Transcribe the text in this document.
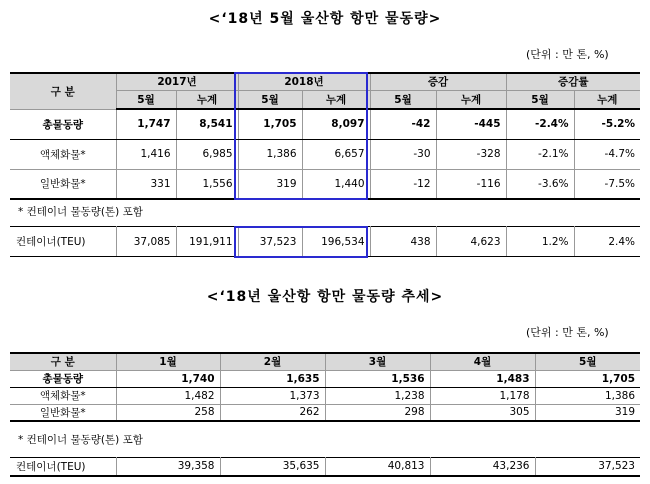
<‘18년 5월 울산항 항만 물동량>
(단위 : 만 톤, %)
구 분	2017년		2018년		증감		증감률	
	5월	누계	5월	누계	5월	누계	5월	누계
총물동량	1,747	8,541	1,705	8,097	-42	-445	-2.4%	-5.2%
액체화물*	1,416	6,985	1,386	6,657	-30	-328	-2.1%	-4.7%
일반화물*	331	1,556	319	1,440	-12	-116	-3.6%	-7.5%
* 컨테이너 물동량(톤) 포함
컨테이너(TEU)	37,085	191,911	37,523	196,534	438	4,623	1.2%	2.4%
<‘18년 울산항 항만 물동량 추세>
(단위 : 만 톤, %)
구 분	1월	2월	3월	4월	5월
총물동량	1,740	1,635	1,536	1,483	1,705
액체화물*	1,482	1,373	1,238	1,178	1,386
일반화물*	258	262	298	305	319
* 컨테이너 물동량(톤) 포함
컨테이너(TEU)	39,358	35,635	40,813	43,236	37,523
